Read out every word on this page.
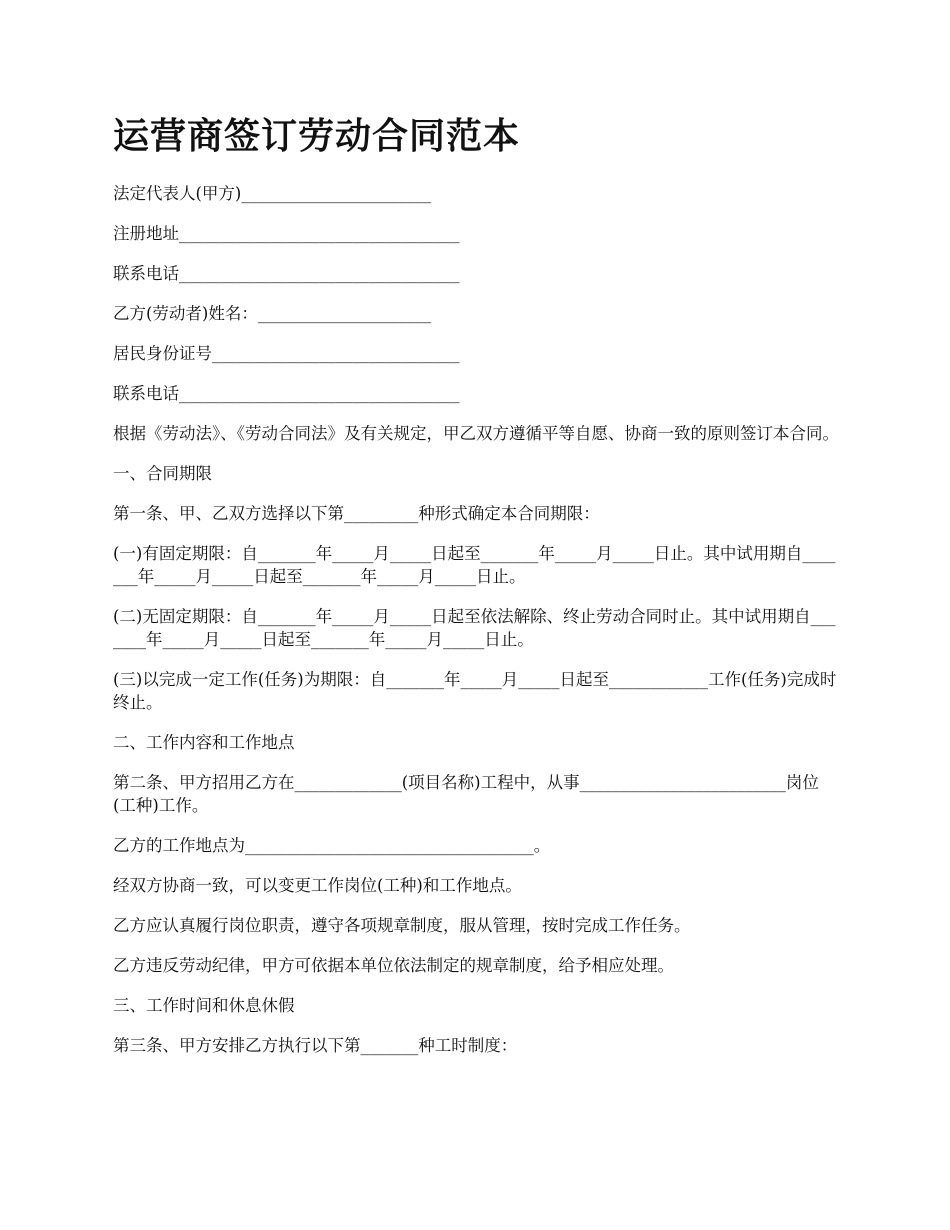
运营商签订劳动合同范本

法定代表人(甲方)_______________________

注册地址__________________________________

联系电话__________________________________

乙方(劳动者)姓名：_____________________

居民身份证号______________________________

联系电话__________________________________

根据《劳动法》、《劳动合同法》及有关规定，甲乙双方遵循平等自愿、协商一致的原则签订本合同。

一、合同期限

第一条、甲、乙双方选择以下第_________种形式确定本合同期限：

(一)有固定期限：自_______年_____月_____日起至_______年_____月_____日止。其中试用期自_______年_____月_____日起至_______年_____月_____日止。

(二)无固定期限：自_______年_____月_____日起至依法解除、终止劳动合同时止。其中试用期自_______年_____月_____日起至_______年_____月_____日止。

(三)以完成一定工作(任务)为期限：自_______年_____月_____日起至____________工作(任务)完成时终止。

二、工作内容和工作地点

第二条、甲方招用乙方在_____________(项目名称)工程中，从事_________________________岗位(工种)工作。

乙方的工作地点为___________________________________。

经双方协商一致，可以变更工作岗位(工种)和工作地点。

乙方应认真履行岗位职责，遵守各项规章制度，服从管理，按时完成工作任务。

乙方违反劳动纪律，甲方可依据本单位依法制定的规章制度，给予相应处理。

三、工作时间和休息休假

第三条、甲方安排乙方执行以下第_______种工时制度：
